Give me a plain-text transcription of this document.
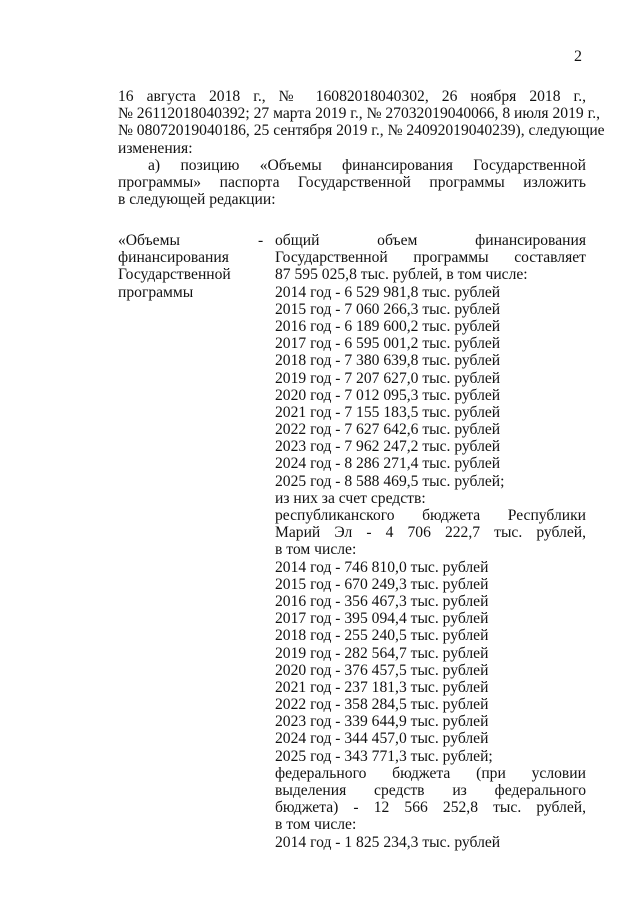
2
16 августа 2018 г., № 16082018040302, 26 ноября 2018 г.,
№ 26112018040392; 27 марта 2019 г., № 27032019040066, 8 июля 2019 г.,
№ 08072019040186, 25 сентября 2019 г., № 24092019040239), следующие
изменения:
а) позицию «Объемы финансирования Государственной
программы» паспорта Государственной программы изложить
в следующей редакции:
«Объемы
финансирования
Государственной
программы
- общий объем финансирования
Государственной программы составляет
87 595 025,8 тыс. рублей, в том числе:
2014 год - 6 529 981,8 тыс. рублей
2015 год - 7 060 266,3 тыс. рублей
2016 год - 6 189 600,2 тыс. рублей
2017 год - 6 595 001,2 тыс. рублей
2018 год - 7 380 639,8 тыс. рублей
2019 год - 7 207 627,0 тыс. рублей
2020 год - 7 012 095,3 тыс. рублей
2021 год - 7 155 183,5 тыс. рублей
2022 год - 7 627 642,6 тыс. рублей
2023 год - 7 962 247,2 тыс. рублей
2024 год - 8 286 271,4 тыс. рублей
2025 год - 8 588 469,5 тыс. рублей;
из них за счет средств:
республиканского бюджета Республики
Марий Эл - 4 706 222,7 тыс. рублей,
в том числе:
2014 год - 746 810,0 тыс. рублей
2015 год - 670 249,3 тыс. рублей
2016 год - 356 467,3 тыс. рублей
2017 год - 395 094,4 тыс. рублей
2018 год - 255 240,5 тыс. рублей
2019 год - 282 564,7 тыс. рублей
2020 год - 376 457,5 тыс. рублей
2021 год - 237 181,3 тыс. рублей
2022 год - 358 284,5 тыс. рублей
2023 год - 339 644,9 тыс. рублей
2024 год - 344 457,0 тыс. рублей
2025 год - 343 771,3 тыс. рублей;
федерального бюджета (при условии
выделения средств из федерального
бюджета) - 12 566 252,8 тыс. рублей,
в том числе:
2014 год - 1 825 234,3 тыс. рублей
